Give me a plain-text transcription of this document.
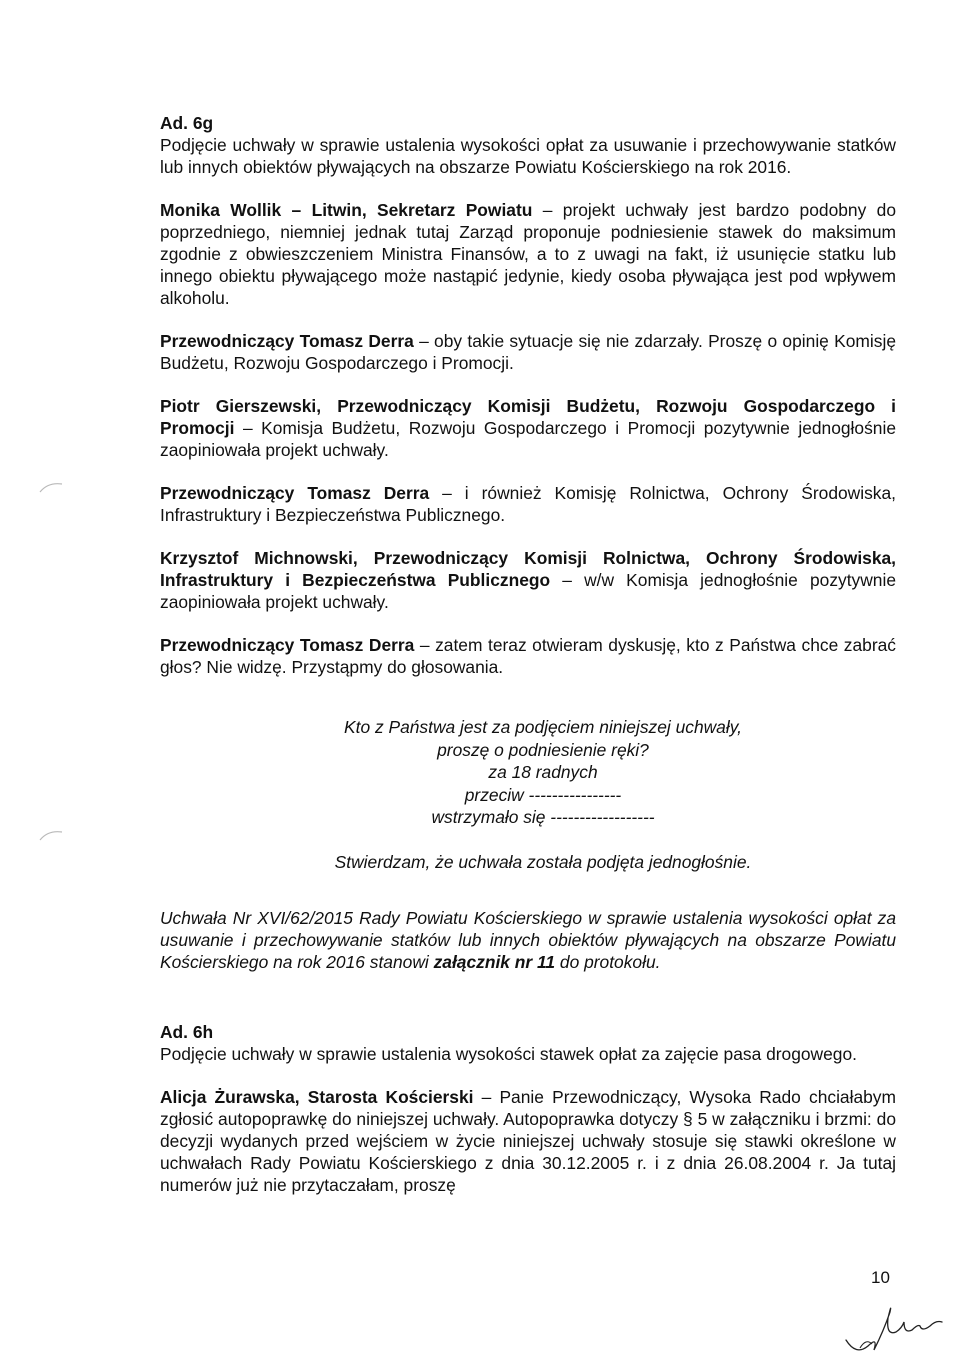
Ad. 6g

Podjęcie uchwały w sprawie ustalenia wysokości opłat za usuwanie i przechowywanie statków lub innych obiektów pływających na obszarze Powiatu Kościerskiego na rok 2016.

Monika Wollik – Litwin, Sekretarz Powiatu – projekt uchwały jest bardzo podobny do poprzedniego, niemniej jednak tutaj Zarząd proponuje podniesienie stawek do maksimum zgodnie z obwieszczeniem Ministra Finansów, a to z uwagi na fakt, iż usunięcie statku lub innego obiektu pływającego może nastąpić jedynie, kiedy osoba pływająca jest pod wpływem alkoholu.

Przewodniczący Tomasz Derra – oby takie sytuacje się nie zdarzały. Proszę o opinię Komisję Budżetu, Rozwoju Gospodarczego i Promocji.

Piotr Gierszewski, Przewodniczący Komisji Budżetu, Rozwoju Gospodarczego i Promocji – Komisja Budżetu, Rozwoju Gospodarczego i Promocji pozytywnie jednogłośnie zaopiniowała projekt uchwały.

Przewodniczący Tomasz Derra – i również Komisję Rolnictwa, Ochrony Środowiska, Infrastruktury i Bezpieczeństwa Publicznego.

Krzysztof Michnowski, Przewodniczący Komisji Rolnictwa, Ochrony Środowiska, Infrastruktury i Bezpieczeństwa Publicznego – w/w Komisja jednogłośnie pozytywnie zaopiniowała projekt uchwały.

Przewodniczący Tomasz Derra – zatem teraz otwieram dyskusję, kto z Państwa chce zabrać głos? Nie widzę. Przystąpmy do głosowania.

Kto z Państwa jest za podjęciem niniejszej uchwały,
proszę o podniesienie ręki?
za 18 radnych
przeciw ----------------
wstrzymało się ------------------
Stwierdzam, że uchwała została podjęta jednogłośnie.

Uchwała Nr XVI/62/2015 Rady Powiatu Kościerskiego w sprawie ustalenia wysokości opłat za usuwanie i przechowywanie statków lub innych obiektów pływających na obszarze Powiatu Kościerskiego na rok 2016 stanowi załącznik nr 11 do protokołu.

Ad. 6h

Podjęcie uchwały w sprawie ustalenia wysokości stawek opłat za zajęcie pasa drogowego.

Alicja Żurawska, Starosta Kościerski – Panie Przewodniczący, Wysoka Rado chciałabym zgłosić autopoprawkę do niniejszej uchwały. Autopoprawka dotyczy § 5 w załączniku i brzmi: do decyzji wydanych przed wejściem w życie niniejszej uchwały stosuje się stawki określone w uchwałach Rady Powiatu Kościerskiego z dnia 30.12.2005 r. i z dnia 26.08.2004 r. Ja tutaj numerów już nie przytaczałam, proszę

10
